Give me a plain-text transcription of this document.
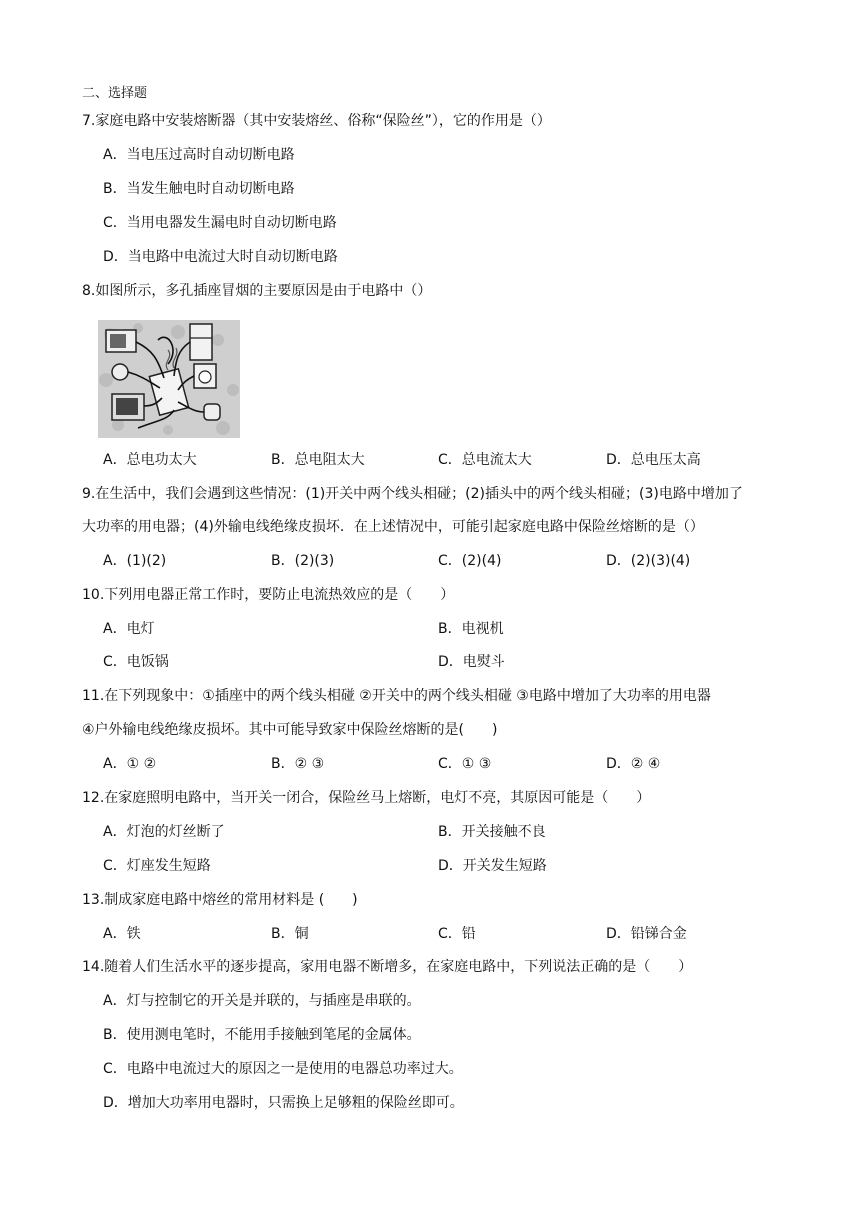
二、选择题
7.家庭电路中安装熔断器（其中安装熔丝、俗称“保险丝”），它的作用是（）
A．当电压过高时自动切断电路
B．当发生触电时自动切断电路
C．当用电器发生漏电时自动切断电路
D．当电路中电流过大时自动切断电路
8.如图所示，多孔插座冒烟的主要原因是由于电路中（）
A．总电功太大	B．总电阻太大	C．总电流太大	D．总电压太高
9.在生活中，我们会遇到这些情况：(1)开关中两个线头相碰；(2)插头中的两个线头相碰；(3)电路中增加了
大功率的用电器；(4)外输电线绝缘皮损坏．在上述情况中，可能引起家庭电路中保险丝熔断的是（）
A．(1)(2)	B．(2)(3)	C．(2)(4)	D．(2)(3)(4)
10.下列用电器正常工作时，要防止电流热效应的是（　　）
A．电灯	B．电视机
C．电饭锅	D．电熨斗
11.在下列现象中：①插座中的两个线头相碰 ②开关中的两个线头相碰 ③电路中增加了大功率的用电器
④户外输电线绝缘皮损坏。其中可能导致家中保险丝熔断的是(　　)
A．① ②	B．② ③	C．① ③	D．② ④
12.在家庭照明电路中，当开关一闭合，保险丝马上熔断，电灯不亮，其原因可能是（　　）
A．灯泡的灯丝断了	B．开关接触不良
C．灯座发生短路	D．开关发生短路
13.制成家庭电路中熔丝的常用材料是 (　　)
A．铁	B．铜	C．铅	D．铅锑合金
14.随着人们生活水平的逐步提高，家用电器不断增多，在家庭电路中，下列说法正确的是（　　）
A．灯与控制它的开关是并联的，与插座是串联的。
B．使用测电笔时，不能用手接触到笔尾的金属体。
C．电路中电流过大的原因之一是使用的电器总功率过大。
D．增加大功率用电器时，只需换上足够粗的保险丝即可。
